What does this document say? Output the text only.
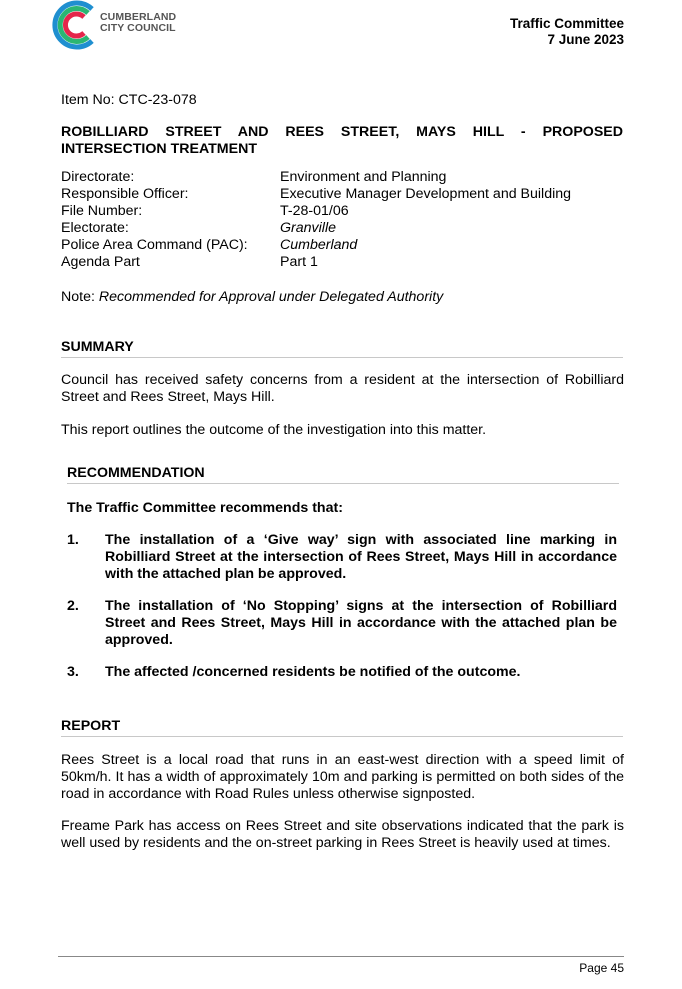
CUMBERLAND
CITY COUNCIL	Traffic Committee
7 June 2023
Item No: CTC-23-078
ROBILLIARD STREET AND REES STREET, MAYS HILL - PROPOSED INTERSECTION TREATMENT
Directorate:	Environment and Planning
Responsible Officer:	Executive Manager Development and Building
File Number:	T-28-01/06
Electorate:	Granville
Police Area Command (PAC):	Cumberland
Agenda Part	Part 1
Note: Recommended for Approval under Delegated Authority
SUMMARY
Council has received safety concerns from a resident at the intersection of Robilliard Street and Rees Street, Mays Hill.
This report outlines the outcome of the investigation into this matter.
RECOMMENDATION
The Traffic Committee recommends that:
1.	The installation of a ‘Give way’ sign with associated line marking in Robilliard Street at the intersection of Rees Street, Mays Hill in accordance with the attached plan be approved.
2.	The installation of ‘No Stopping’ signs at the intersection of Robilliard Street and Rees Street, Mays Hill in accordance with the attached plan be approved.
3.	The affected /concerned residents be notified of the outcome.
REPORT
Rees Street is a local road that runs in an east-west direction with a speed limit of 50km/h. It has a width of approximately 10m and parking is permitted on both sides of the road in accordance with Road Rules unless otherwise signposted.
Freame Park has access on Rees Street and site observations indicated that the park is well used by residents and the on-street parking in Rees Street is heavily used at times.
Page 45
